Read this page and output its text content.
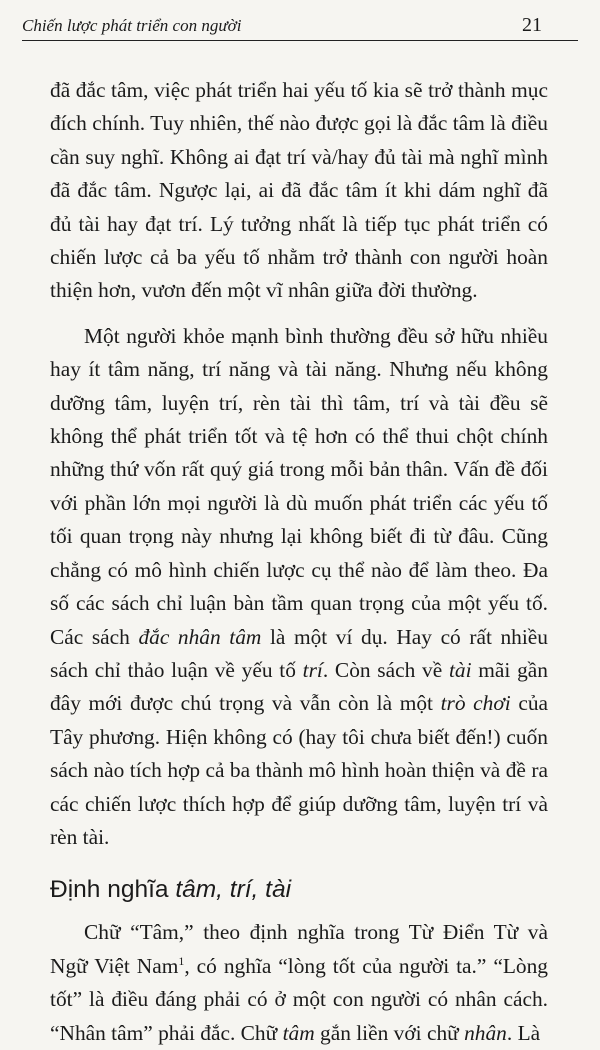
Chiến lược phát triển con người	21

đã đắc tâm, việc phát triển hai yếu tố kia sẽ trở thành mục đích chính. Tuy nhiên, thế nào được gọi là đắc tâm là điều cần suy nghĩ. Không ai đạt trí và/hay đủ tài mà nghĩ mình đã đắc tâm. Ngược lại, ai đã đắc tâm ít khi dám nghĩ đã đủ tài hay đạt trí. Lý tưởng nhất là tiếp tục phát triển có chiến lược cả ba yếu tố nhằm trở thành con người hoàn thiện hơn, vươn đến một vĩ nhân giữa đời thường.

Một người khỏe mạnh bình thường đều sở hữu nhiều hay ít tâm năng, trí năng và tài năng. Nhưng nếu không dưỡng tâm, luyện trí, rèn tài thì tâm, trí và tài đều sẽ không thể phát triển tốt và tệ hơn có thể thui chột chính những thứ vốn rất quý giá trong mỗi bản thân. Vấn đề đối với phần lớn mọi người là dù muốn phát triển các yếu tố tối quan trọng này nhưng lại không biết đi từ đâu. Cũng chẳng có mô hình chiến lược cụ thể nào để làm theo. Đa số các sách chỉ luận bàn tầm quan trọng của một yếu tố. Các sách đắc nhân tâm là một ví dụ. Hay có rất nhiều sách chỉ thảo luận về yếu tố trí. Còn sách về tài mãi gần đây mới được chú trọng và vẫn còn là một trò chơi của Tây phương. Hiện không có (hay tôi chưa biết đến!) cuốn sách nào tích hợp cả ba thành mô hình hoàn thiện và đề ra các chiến lược thích hợp để giúp dưỡng tâm, luyện trí và rèn tài.

Định nghĩa tâm, trí, tài

Chữ “Tâm,” theo định nghĩa trong Từ Điển Từ và Ngữ Việt Nam$^1$, có nghĩa “lòng tốt của người ta.” “Lòng tốt” là điều đáng phải có ở một con người có nhân cách. “Nhân tâm” phải đắc. Chữ tâm gắn liền với chữ nhân. Là
